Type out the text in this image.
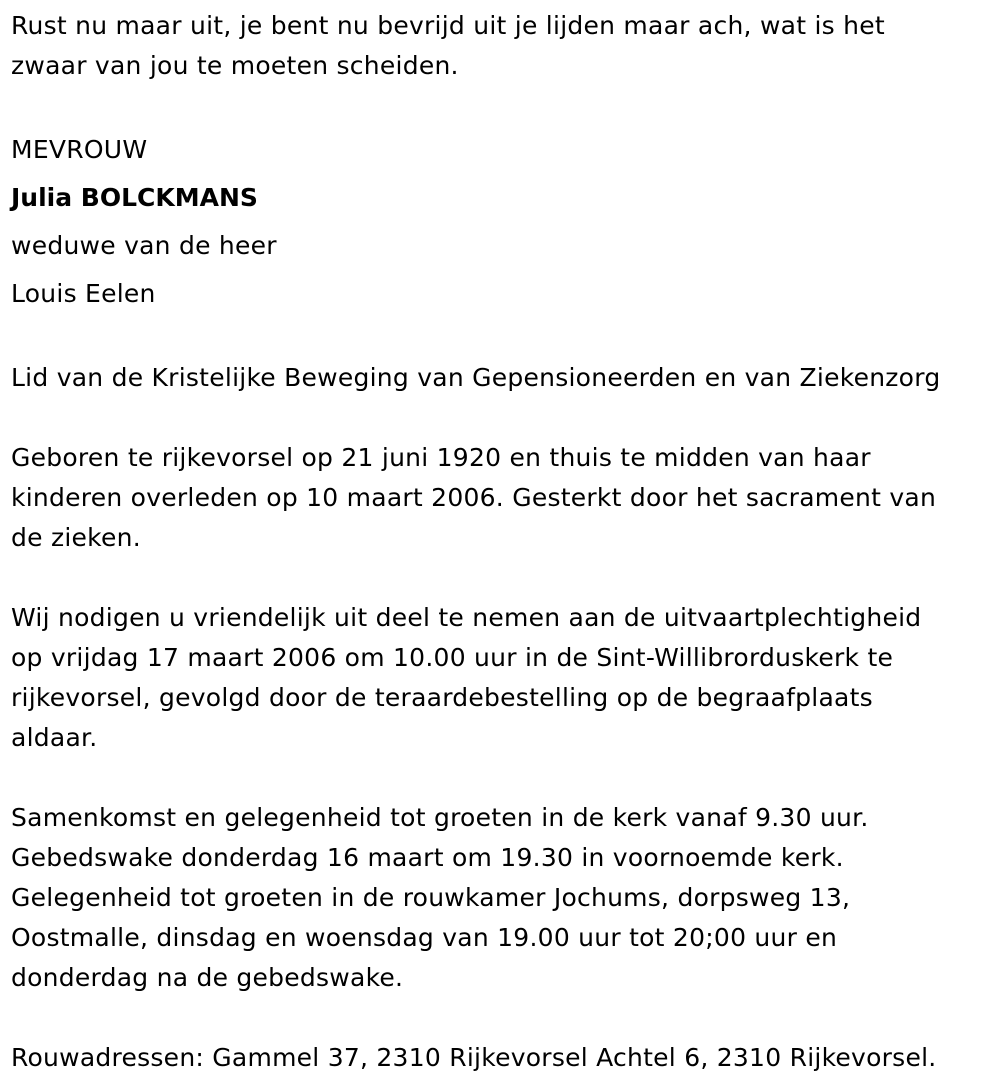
Rust nu maar uit, je bent nu bevrijd uit je lijden maar ach, wat is het
zwaar van jou te moeten scheiden.
MEVROUW
Julia BOLCKMANS
weduwe van de heer
Louis Eelen
Lid van de Kristelijke Beweging van Gepensioneerden en van Ziekenzorg
Geboren te rijkevorsel op 21 juni 1920 en thuis te midden van haar
kinderen overleden op 10 maart 2006. Gesterkt door het sacrament van
de zieken.
Wij nodigen u vriendelijk uit deel te nemen aan de uitvaartplechtigheid
op vrijdag 17 maart 2006 om 10.00 uur in de Sint-Willibrorduskerk te
rijkevorsel, gevolgd door de teraardebestelling op de begraafplaats
aldaar.
Samenkomst en gelegenheid tot groeten in de kerk vanaf 9.30 uur.
Gebedswake donderdag 16 maart om 19.30 in voornoemde kerk.
Gelegenheid tot groeten in de rouwkamer Jochums, dorpsweg 13,
Oostmalle, dinsdag en woensdag van 19.00 uur tot 20;00 uur en
donderdag na de gebedswake.
Rouwadressen: Gammel 37, 2310 Rijkevorsel Achtel 6, 2310 Rijkevorsel.
